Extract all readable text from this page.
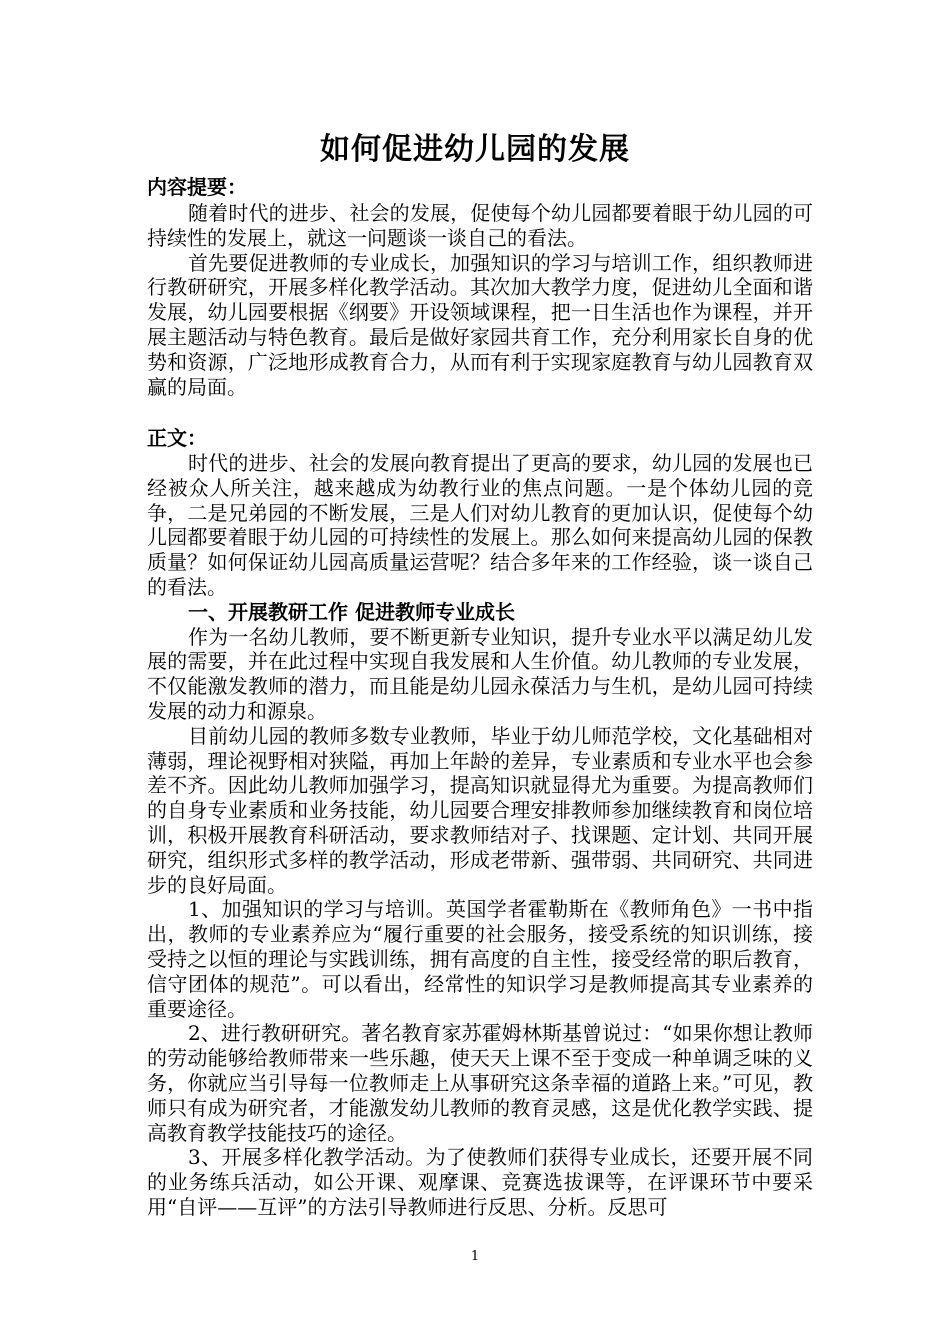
如何促进幼儿园的发展
内容提要：

随着时代的进步、社会的发展，促使每个幼儿园都要着眼于幼儿园的可持续性的发展上，就这一问题谈一谈自己的看法。

首先要促进教师的专业成长，加强知识的学习与培训工作，组织教师进行教研研究，开展多样化教学活动。其次加大教学力度，促进幼儿全面和谐发展，幼儿园要根据《纲要》开设领域课程，把一日生活也作为课程，并开展主题活动与特色教育。最后是做好家园共育工作，充分利用家长自身的优势和资源，广泛地形成教育合力，从而有利于实现家庭教育与幼儿园教育双赢的局面。

正文：

时代的进步、社会的发展向教育提出了更高的要求，幼儿园的发展也已经被众人所关注，越来越成为幼教行业的焦点问题。一是个体幼儿园的竞争，二是兄弟园的不断发展，三是人们对幼儿教育的更加认识，促使每个幼儿园都要着眼于幼儿园的可持续性的发展上。那么如何来提高幼儿园的保教质量？如何保证幼儿园高质量运营呢？结合多年来的工作经验，谈一谈自己的看法。

一、开展教研工作 促进教师专业成长

作为一名幼儿教师，要不断更新专业知识，提升专业水平以满足幼儿发展的需要，并在此过程中实现自我发展和人生价值。幼儿教师的专业发展，不仅能激发教师的潜力，而且能是幼儿园永葆活力与生机，是幼儿园可持续发展的动力和源泉。

目前幼儿园的教师多数专业教师，毕业于幼儿师范学校，文化基础相对薄弱，理论视野相对狭隘，再加上年龄的差异，专业素质和专业水平也会参差不齐。因此幼儿教师加强学习，提高知识就显得尤为重要。为提高教师们的自身专业素质和业务技能，幼儿园要合理安排教师参加继续教育和岗位培训，积极开展教育科研活动，要求教师结对子、找课题、定计划、共同开展研究，组织形式多样的教学活动，形成老带新、强带弱、共同研究、共同进步的良好局面。

1、加强知识的学习与培训。英国学者霍勒斯在《教师角色》一书中指出，教师的专业素养应为“履行重要的社会服务，接受系统的知识训练，接受持之以恒的理论与实践训练，拥有高度的自主性，接受经常的职后教育，信守团体的规范”。可以看出，经常性的知识学习是教师提高其专业素养的重要途径。

2、进行教研研究。著名教育家苏霍姆林斯基曾说过：“如果你想让教师的劳动能够给教师带来一些乐趣，使天天上课不至于变成一种单调乏味的义务，你就应当引导每一位教师走上从事研究这条幸福的道路上来。”可见，教师只有成为研究者，才能激发幼儿教师的教育灵感，这是优化教学实践、提高教育教学技能技巧的途径。

3、开展多样化教学活动。为了使教师们获得专业成长，还要开展不同的业务练兵活动，如公开课、观摩课、竞赛选拔课等，在评课环节中要采用“自评——互评”的方法引导教师进行反思、分析。反思可

1
